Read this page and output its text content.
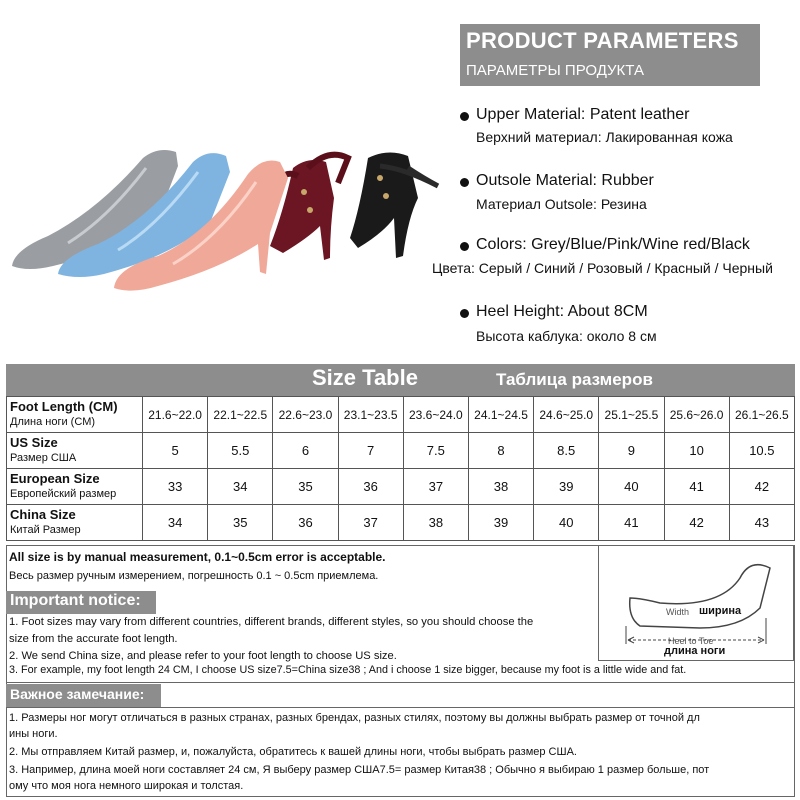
PRODUCT PARAMETERS
ПАРАМЕТРЫ ПРОДУКТА
Upper Material: Patent leather
Верхний материал: Лакированная кожа
Outsole Material: Rubber
Материал Outsole: Резина
Colors: Grey/Blue/Pink/Wine red/Black
Цвета: Серый / Синий / Розовый / Красный / Черный
Heel Height: About 8CM
Высота каблука: около 8 см
Size Table	Таблица размеров
Foot Length (CM)
Длина ноги (CM)	21.6~22.0	22.1~22.5	22.6~23.0	23.1~23.5	23.6~24.0	24.1~24.5	24.6~25.0	25.1~25.5	25.6~26.0	26.1~26.5

US Size
Размер США	5	5.5	6	7	7.5	8	8.5	9	10	10.5

European Size
Европейский размер	33	34	35	36	37	38	39	40	41	42

China Size
Китай Размер	34	35	36	37	38	39	40	41	42	43
All size is by manual measurement, 0.1~0.5cm error is acceptable.
Весь размер ручным измерением, погрешность 0.1 ~ 0.5cm приемлема.
Important notice:
1. Foot sizes may vary from different countries, different brands, different styles, so you should choose the
size from the accurate foot length.
2. We send China size, and please refer to your foot length to choose US size.
3. For example, my foot length 24 CM, I choose US size7.5=China size38 ; And i choose 1 size bigger, because my foot is a little wide and fat.
Важное замечание:
1. Размеры ног могут отличаться в разных странах, разных брендах, разных стилях, поэтому вы должны выбрать размер от точной дл
ины ноги.
2. Мы отправляем Китай размер, и, пожалуйста, обратитесь к вашей длины ноги, чтобы выбрать размер США.
3. Например, длина моей ноги составляет 24 см, Я выберу размер США7.5= размер Китая38 ; Обычно я выбираю 1 размер больше, пот
ому что моя нога немного широкая и толстая.
Width ширина
Heel to Toe
длина ноги
